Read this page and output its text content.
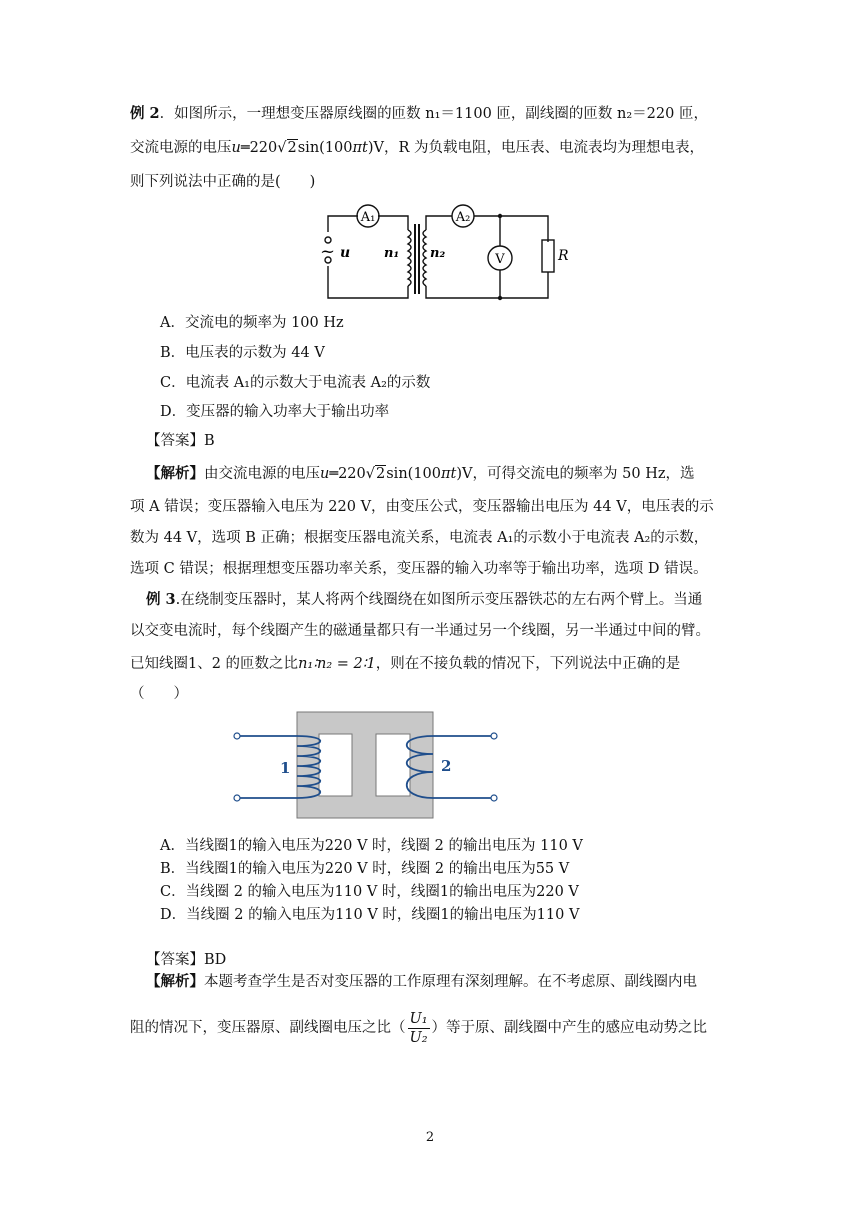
例 2．如图所示，一理想变压器原线圈的匝数 n₁＝1100 匝，副线圈的匝数 n₂＝220 匝，
交流电源的电压u═220√2sin(100πt)V，R 为负载电阻，电压表、电流表均为理想电表，
则下列说法中正确的是(　　)
A₁	A₂
V	R
~ u	n₁ n₂
A．交流电的频率为 100 Hz
B．电压表的示数为 44 V
C．电流表 A₁的示数大于电流表 A₂的示数
D．变压器的输入功率大于输出功率
【答案】B
【解析】由交流电源的电压u═220√2sin(100πt)V，可得交流电的频率为 50 Hz，选
项 A 错误；变压器输入电压为 220 V，由变压公式，变压器输出电压为 44 V，电压表的示
数为 44 V，选项 B 正确；根据变压器电流关系，电流表 A₁的示数小于电流表 A₂的示数，
选项 C 错误；根据理想变压器功率关系，变压器的输入功率等于输出功率，选项 D 错误。
例 3.在绕制变压器时，某人将两个线圈绕在如图所示变压器铁芯的左右两个臂上。当通
以交变电流时，每个线圈产生的磁通量都只有一半通过另一个线圈，另一半通过中间的臂。
已知线圈1、2 的匝数之比n₁∶n₂ = 2∶1，则在不接负载的情况下，下列说法中正确的是
（　　）
1	2
A．当线圈1的输入电压为220 V 时，线圈 2 的输出电压为 110 V
B．当线圈1的输入电压为220 V 时，线圈 2 的输出电压为55 V
C．当线圈 2 的输入电压为110 V 时，线圈1的输出电压为220 V
D．当线圈 2 的输入电压为110 V 时，线圈1的输出电压为110 V
【答案】BD
【解析】本题考查学生是否对变压器的工作原理有深刻理解。在不考虑原、副线圈内电
阻的情况下，变压器原、副线圈电压之比（ $\frac{\text{U₁}}{\text{U₂}}$ ）等于原、副线圈中产生的感应电动势之比
2
